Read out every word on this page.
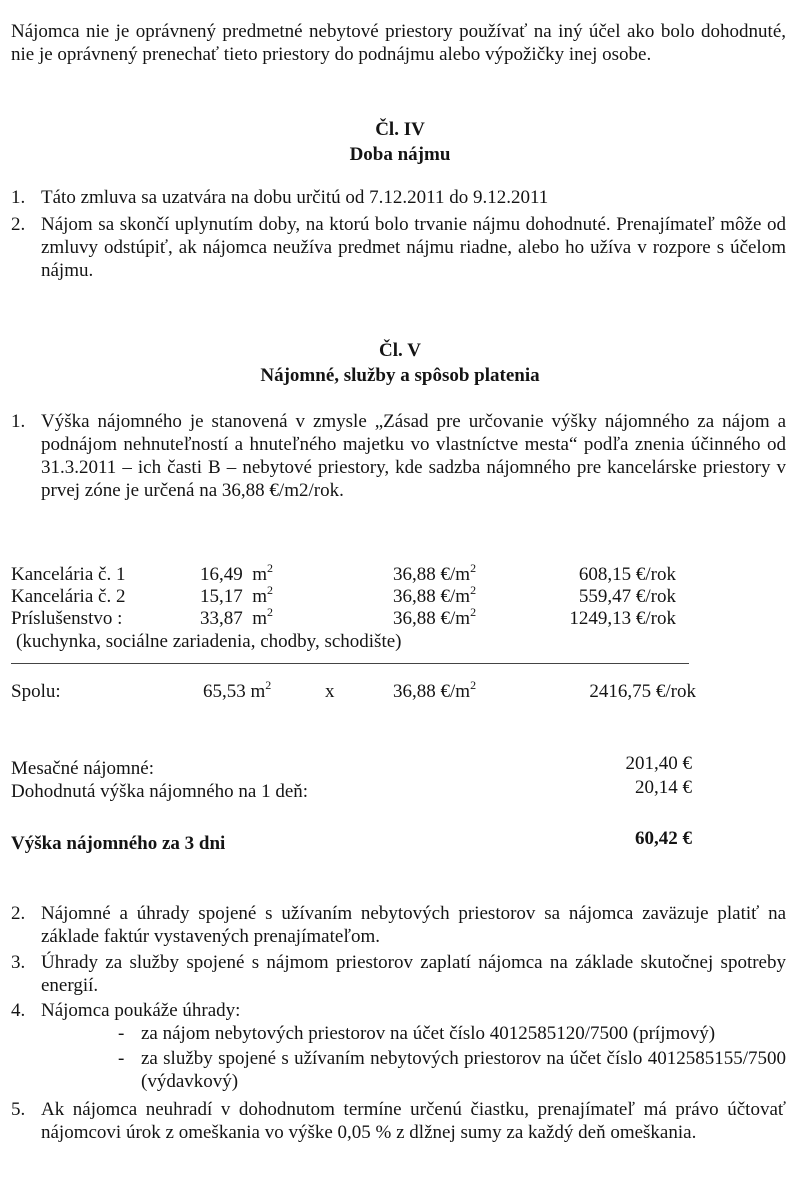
Nájomca nie je oprávnený predmetné nebytové priestory používať na iný účel ako bolo dohodnuté, nie je oprávnený prenechať tieto priestory do podnájmu alebo výpožičky inej osobe.
Čl. IV
Doba nájmu
1. Táto zmluva sa uzatvára na dobu určitú od 7.12.2011 do 9.12.2011
2. Nájom sa skončí uplynutím doby, na ktorú bolo trvanie nájmu dohodnuté. Prenajímateľ môže od zmluvy odstúpiť, ak nájomca neužíva predmet nájmu riadne, alebo ho užíva v rozpore s účelom nájmu.
Čl. V
Nájomné, služby a spôsob platenia
1. Výška nájomného je stanovená v zmysle „Zásad pre určovanie výšky nájomného za nájom a podnájom nehnuteľností a hnuteľného majetku vo vlastníctve mesta“ podľa znenia účinného od 31.3.2011 – ich časti B – nebytové priestory, kde sadzba nájomného pre kancelárske priestory v prvej zóne je určená na 36,88 €/m2/rok.
Kancelária č. 1	16,49 $m^2$	36,88 $€/m^2$	608,15 €/rok
Kancelária č. 2	15,17 $m^2$	36,88 $€/m^2$	559,47 €/rok
Príslušenstvo :	33,87 $m^2$	36,88 $€/m^2$	1249,13 €/rok
(kuchynka, sociálne zariadenia, chodby, schodište)
Spolu:	65,53 $m^2$	x	36,88 $€/m^2$	2416,75 €/rok
Mesačné nájomné:	201,40 €
Dohodnutá výška nájomného na 1 deň:	20,14 €
Výška nájomného za 3 dni	60,42 €
2. Nájomné a úhrady spojené s užívaním nebytových priestorov sa nájomca zaväzuje platiť na základe faktúr vystavených prenajímateľom.
3. Úhrady za služby spojené s nájmom priestorov zaplatí nájomca na základe skutočnej spotreby energií.
4. Nájomca poukáže úhrady:
- za nájom nebytových priestorov na účet číslo 4012585120/7500 (príjmový)
- za služby spojené s užívaním nebytových priestorov na účet číslo 4012585155/7500 (výdavkový)
5. Ak nájomca neuhradí v dohodnutom termíne určenú čiastku, prenajímateľ má právo účtovať nájomcovi úrok z omeškania vo výške 0,05 % z dlžnej sumy za každý deň omeškania.
